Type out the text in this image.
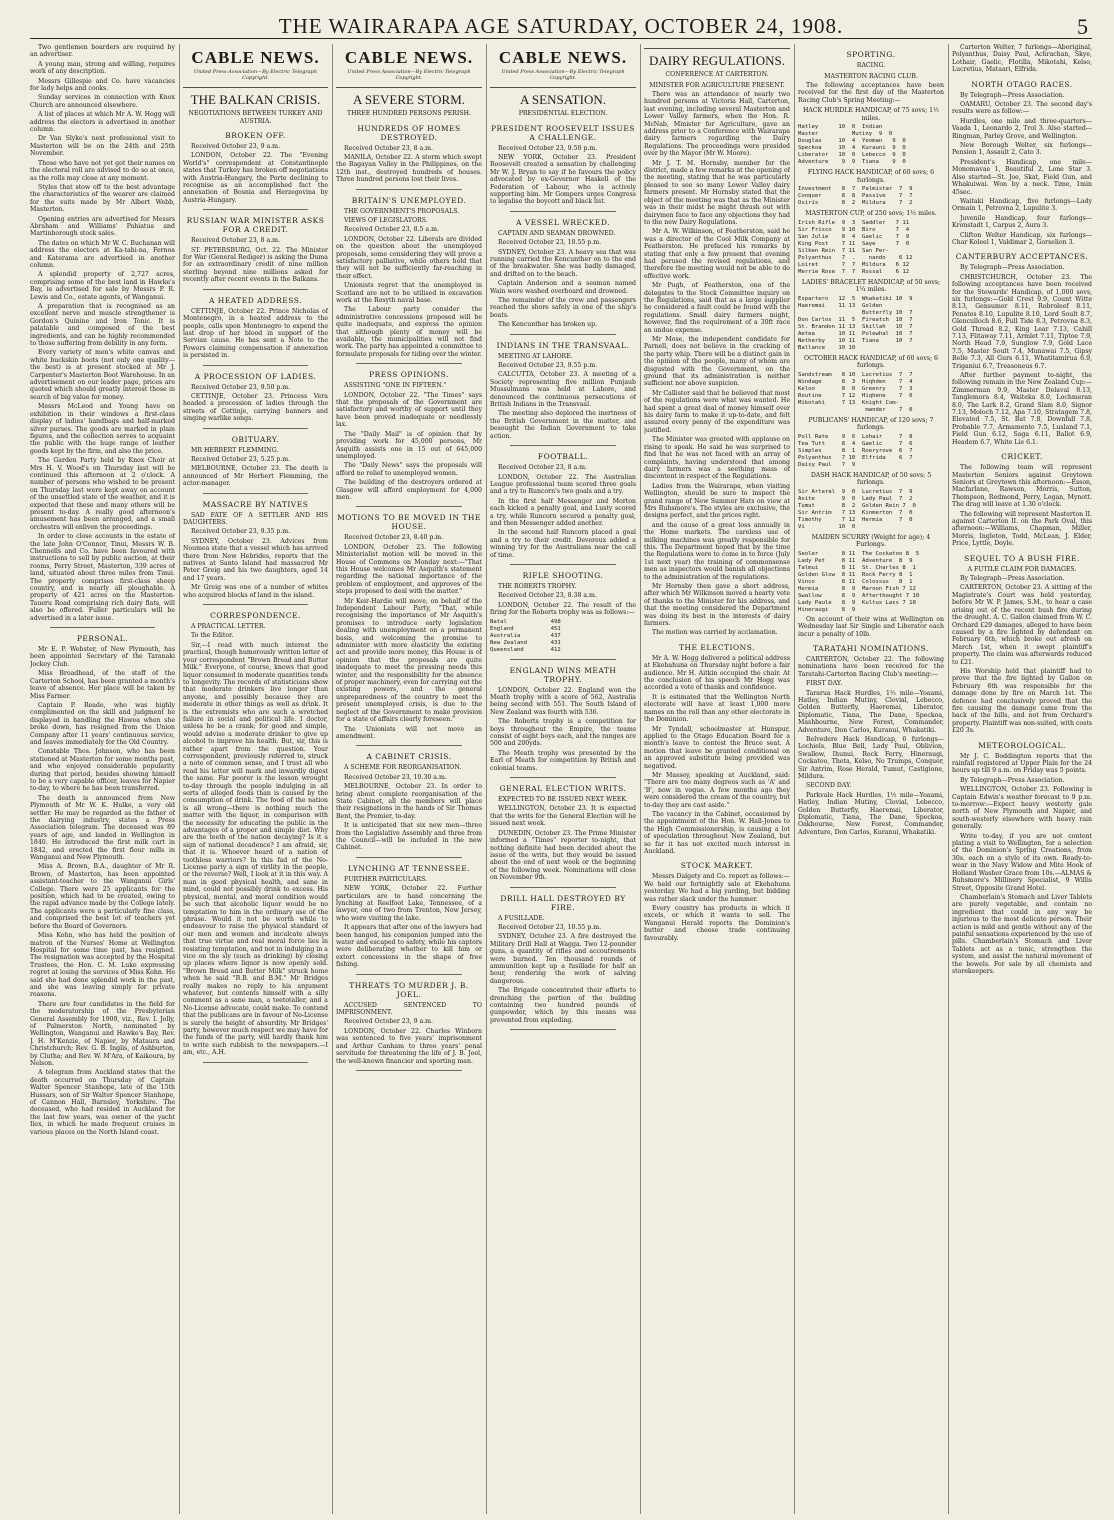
THE WAIRARAPA AGE SATURDAY, OCTOBER 24, 1908.	5

Two gentlemen boarders are required by an advertiser.

A young man, strong and willing, requires work of any description.

Messrs Gillespie and Co. have vacancies for lady helps and cooks.

Sunday services in connection with Knox Church are announced elsewhere.

A list of places at which Mr A. W. Hogg will address the electors is advertised in another column.

Dr Van Slyke's next professional visit to Masterton will be on the 24th and 25th November.

Those who have not yet got their names on the electoral roll are advised to do so at once, as the rolls may close at any moment.

Styles that stow off to the best advantage the characteristics of the wearer are claimed for the suits made by Mr Albert Webb, Masterton.

Opening entries are advertised for Messrs Abraham and Williams' Pahiatua and Martinborough stock sales.

The dates on which Mr W. C. Buchanan will address the electors at Ka-tahi-na, Fernoa and Katerama are advertised in another column.

A splendid property of 2,727 acres, comprising some of the best land in Hawke's Bay, is advertised for sale by Messrs P. R. Lewis and Co., estate agents, of Wanganui.

A preparation that is recognised as an excellent nerve and muscle strengthener is Gordon's Quinine and Iron Tonic. It is palatable and composed of the best ingredients, and can be highly recommended to those suffering from debility in any form.

Every variety of men's white canvas and white buckskin boots (not only one quality—the best) is at present stocked at Mr J. Carpenter's Masterton Boot Warehouse. In an advertisement on our leader page, prices are quoted which should greatly interest those in search of big value for money.

Messrs McLeod and Young have on exhibition in their windows a first-class display of ladies' handbags and half-marked silver purses. The goods are marked in plain figures, and the collection serves to acquaint the public with the huge range of leather goods kept by the firm, and also the price.

The Garden Party held by Knox Choir at Mrs H. V. Wood's on Thursday last will be continued this afternoon at 2 o'clock. A number of persons who wished to be present on Thursday last were kept away on account of the unsettled state of the weather, and it is expected that these and many others will be present to-day. A really good afternoon's amusement has been arranged, and a small orchestra will enliven the proceedings.

In order to close accounts in the estate of the late John O'Connor, Tinui, Messrs W. B. Chennells and Co. have been favoured with instructions to sell by public auction, at their rooms, Perry Street, Masterton, 339 acres of land, situated about three miles from Tinui. The property comprises first-class sheep country, and is nearly all ploughable. A property of 421 acres on the Masterton-Taueru Road comprising rich dairy flats, will also be offered. Fuller particulars will be advertised in a later issue.

PERSONAL.

Mr E. P. Webster, of New Plymouth, has been appointed Secretary of the Taranaki Jockey Club.

Miss Broadhead, of the staff of the Carterton School, has been granted a month's leave of absence. Her place will be taken by Miss Farmer.

Captain P. Reade, who was highly complimented on the skill and judgment he displayed in handling the Hawea when she broke down, has resigned from the Union Company after 11 years' continuous service, and leaves immediately for the Old Country.

Constable Thos. Johnson, who has been stationed at Masterton for some months past, and who enjoyed considerable popularity during that period, besides showing himself to be a very capable officer, leaves for Napier to-day, to where he has been transferred.

The death is announced from New Plymouth of Mr W. K. Hulke, a very old settler. He may be regarded as the father of the dairying industry, states a Press Association telegram. The deceased was 89 years of age, and landed in Wellington in 1840. He introduced the first milk cart in 1842, and erected the first flour mills in Wanganui and New Plymouth.

Miss A. Brown, B.A., daughter of Mr R. Brown, of Masterton, has been appointed assistant-teacher to the Wanganui Girls' College. There were 25 applicants for the position, which had to be created, owing to the rapid advance made by the College lately. The applicants were a particularly fine class, and comprised the best lot of teachers yet before the Board of Governors.

Miss Kohn, who has held the position of matron of the Nurses' Home at Wellington Hospital for some time past, has resigned. The resignation was accepted by the Hospital Trustees, the Hon. C. M. Luke expressing regret at losing the services of Miss Kohn. He said she had done splendid work in the past, and she was leaving simply for private reasons.

There are four candidates in the field for the moderatorship of the Presbyterian General Assembly for 1909, viz., Rev. I. Jolly, of Palmerston North, nominated by Wellington, Wanganui and Hawke's Bay, Rev. J. H. M'Kenzie, of Napier, by Mataura and Christchurch; Rev. G. B. Inglis, of Ashburton, by Clutha; and Rev. W. M'Ara, of Kaikoura, by Nelson.

A telegram from Auckland states that the death occurred on Thursday of Captain Walter Spencer Stanhope, late of the 15th Hussars, son of Sir Walter Spencer Stanhope, of Cannon Hall, Barnsley, Yorkshire. The deceased, who had resided in Auckland for the last few years, was owner of the yacht Ilex, in which he made frequent cruises in various places on the North Island coast.

CABLE NEWS.
United Press Association—By Electric Telegraph Copyright.
THE BALKAN CRISIS.
NEGOTIATIONS BETWEEN TURKEY AND AUSTRIA.
BROKEN OFF.

Received October 23, 9 a.m.

LONDON, October 22. The "Evening World's" correspondent at Constantinople states that Turkey has broken off negotiations with Austria-Hungary, the Porte declining to recognise as an accomplished fact the annexation of Bosnia and Herzegovina by Austria-Hungary.

RUSSIAN WAR MINISTER ASKS FOR A CREDIT.

Received October 23, 8 a.m.

ST. PETERSBURG, Oct. 22. The Minister for War (General Rediger) is asking the Duma for an extraordinary credit of nine million sterling beyond nine millions asked for recently after recent events in the Balkans.

A HEATED ADDRESS.

CETTINJE, October 22. Prince Nicholas of Montenegro, in a heated address to the people, calls upon Montenegro to expend the last drop of her blood in support of the Servian cause. He has sent a Note to the Powers claiming compensation if annexation is persisted in.

A PROCESSION OF LADIES.

Received October 23, 9.50 p.m.

CETTINJE, October 23. Princess Vera headed a procession of ladies through the streets of Cettinje, carrying banners and singing warlike songs.

OBITUARY.

MR HERBERT FLEMMING.

Received October 23, 5.25 p.m.

MELBOURNE, October 23. The death is announced of Mr Herbert Flemming, the actor-manager.

MASSACRE BY NATIVES

SAD FATE OF A SETTLER AND HIS DAUGHTERS.

Received October 23, 9.35 p.m.

SYDNEY, October 23. Advices from Noumea state that a vessel which has arrived there from New Hebrides, reports that the natives at Santo Island had massacred Mr Peter Greig and his two daughters, aged 14 and 17 years.

Mr Greig was one of a number of whites who acquired blocks of land in the island.

CORRESPONDENCE.

A PRACTICAL LETTER.

To the Editor.

Sir,—I read with much interest the practical, though humorously written letter of your correspondent "Brown Bread and Butter Milk." Everyone, of course, knows that good liquor consumed in moderate quantities tends to longevity. The records of statisticians show that moderate drinkers live longer than anyone, and possibly because they are moderate in other things as well as drink. It is the extremists who are such a wretched failure in social and political life. I doctor, unless he be a crank; for good and simple, would advise a moderate drinker to give up alcohol to improve his health. But, sir, this is rather apart from the question. Your correspondent, previously referred to, struck a note of common sense, and I trust all who read his letter will mark and inwardly digest the same. Far poorer is the lesson wrought to-day through the people indulging in all sorts of alleged foods than is caused by the consumption of drink. The food of the nation is all wrong—there is nothing much the matter with the liquor, in comparison with the necessity for educating the public in the advantages of a proper and simple diet. Why are the teeth of the nation decaying? Is it a sign of national decadence? I am afraid, sir, that it is. Whoever heard of a nation of toothless warriors? In this fad of the No-License party a sign of virility in the people, or the reverse? Well, I look at it in this way. A man in good physical health, and sane in mind, could not possibly drink to excess. His physical, mental, and moral condition would be such that alcoholic liquor would be no temptation to him in the ordinary use of the phrase. Would it not be worth while to endeavour to raise the physical standard of our men and women and inculcate always that true virtue and real moral force lies in resisting temptation, and not in indulging in a vice on the sly (such as drinking) by closing up places where liquor is now openly sold. "Brown Bread and Butter Milk" struck home when he said "B.B. and B.M." Mr Bridges really makes no reply to his argument whatever, but contents himself with a silly comment as a sane man, a teetotaller, and a No-License advocate, could make. To contend that the publicans are in favour of No-License is surely the height of absurdity. Mr Bridges' party, however much respect we may have for the funds of the party, will hardly thank him to write such rubbish to the newspapers.—I am, etc., A.H.

CABLE NEWS.
United Press Association—By Electric Telegraph Copyright.
A SEVERE STORM.
THREE HUNDRED PERSONS PERISH.
HUNDREDS OF HOMES DESTROYED.

Received October 23, 8 a.m.

MANILA, October 22. A storm which swept the Bagayan Valley in the Philippines, on the 12th inst., destroyed hundreds of houses. Three hundred persons lost their lives.

BRITAIN'S UNEMPLOYED.

THE GOVERNMENT'S PROPOSALS.

VIEWS OF LEGISLATORS.

Received October 23, 8.5 a.m.

LONDON, October 22. Liberals are divided on the question about the unemployed proposals, some considering they will prove a satisfactory palliative, while others hold that they will not be sufficiently far-reaching in their effect.

Unionists regret that the unemployed in Scotland are not to be utilised in excavation work at the Rosyth naval base.

The Labour party consider the administrative concessions proposed will be quite inadequate, and express the opinion that although plenty of money will be available, the municipalities will not find work. The party has appointed a committee to formulate proposals for tiding over the winter.

PRESS OPINIONS.

ASSISTING "ONE IN FIFTEEN."

LONDON, October 22. "The Times" says that the proposals of the Government are satisfactory and worthy of support until they have been proved inadequate or needlessly lax.

The "Daily Mail" is of opinion that by providing work for 45,000 persons, Mr Asquith assists one in 15 out of 645,000 unemployed.

The "Daily News" says the proposals will afford no relief to unemployed women.

The building of the destroyers ordered at Glasgow will afford employment for 4,000 men.

MOTIONS TO BE MOVED IN THE HOUSE.

Received October 23, 8.40 p.m.

LONDON, October 23. The following Ministerialist motion will be moved in the House of Commons on Monday next:—"That this House welcomes Mr Asquith's statement regarding the national importance of the problem of employment, and approves of the steps proposed to deal with the matter."

Mr Keir-Hardie will move, on behalf of the Independent Labour Party, "That, while recognising the importance of Mr Asquith's promises to introduce early legislation dealing with unemployment on a permanent basis, and welcoming the promise to administer with more elasticity the existing act and provide more money, this House is of opinion that the proposals are quite inadequate to meet the pressing needs this winter, and the responsibility for the absence of proper machinery, even for carrying out the existing powers, and the general unpreparedness of the country to meet the present unemployed crisis, is due to the neglect of the Government to make provision for a state of affairs clearly foreseen."

The Unionists will not move an amendment.

A CABINET CRISIS.

A SCHEME FOR REORGANISATION.

Received October 23, 10.30 a.m.

MELBOURNE, October 23. In order to bring about complete reorganisation of the State Cabinet, all the members will place their resignations in the hands of Sir Thomas Bent, the Premier, to-day.

It is anticipated that six new men—three from the Legislative Assembly and three from the Council—will be included in the new Cabinet.

LYNCHING AT TENNESSEE.

FURTHER PARTICULARS.

NEW YORK, October 22. Further particulars are to hand concerning the lynching at Reelfoot Lake, Tennessee, of a lawyer, one of two from Trenton, New Jersey, who were visiting the lake.

It appears that after one of the lawyers had been hanged, his companion jumped into the water and escaped to safety, while his captors were deliberating whether to kill him or extort concessions in the shape of free fishing.

THREATS TO MURDER J. B. JOEL.

ACCUSED SENTENCED TO IMPRISONMENT.

Received October 23, 9 a.m.

LONDON, October 22. Charles Winborn was sentenced to five years' imprisonment and Arthur Canham to three years' penal servitude for threatening the life of J. B. Joel, the well-known financier and sporting man.

CABLE NEWS.
United Press Association—By Electric Telegraph Copyright.
A SENSATION.
PRESIDENTIAL ELECTION.
PRESIDENT ROOSEVELT ISSUES A CHALLENGE.

Received October 23, 9.50 p.m.

NEW YORK, October 23. President Roosevelt created a sensation by challenging Mr W. J. Bryan to say if he favours the policy advocated by ex-Governor Haskell of the Federation of Labour, who is actively supporting him. Mr Gompers urges Congress to legalise the boycott and black list.

A VESSEL WRECKED.

CAPTAIN AND SEAMAN DROWNED.

Received October 23, 10.55 p.m.

SYDNEY, October 23. A heavy sea that was running carried the Kencunther on to the end of the breakwater. She was badly damaged, and drifted on to the beach.

Captain Anderson and a seaman named Wain were washed overboard and drowned.

The remainder of the crew and passengers reached the shore safely in one of the ship's boats.

The Kencunther has broken up.

INDIANS IN THE TRANSVAAL.

MEETING AT LAHORE.

Received October 23, 9.55 p.m.

CALCUTTA, October 23. A meeting of a Society representing five million Punjaub Mussulmans was held at Lahore, and denounced the continuous persecutions of British Indians in the Transvaal.

The meeting also deplored the inertness of the British Government in the matter, and besought the Indian Government to take action.

FOOTBALL.

Received October 23, 8 a.m.

LONDON, October 22. The Australian League professional team scored three goals and a try to Runcorn's two goals and a try.

In the first half Messenger and Morton each kicked a penalty goal, and Lusty scored a try, while Runcorn secured a penalty goal, and then Messenger added another.

In the second half Runcorn placed a goal and a try to their credit. Devereux added a winning try for the Australians near the call of time.

RIFLE SHOOTING.

THE ROBERTS TROPHY.

Received October 23, 8.38 a.m.

LONDON, October 22. The result of the firing for the Roberts trophy was as follows:—

Natal             498
England           451
Australia         437
New Zealand       431
Queensland        412
ENGLAND WINS MEATH TROPHY.

LONDON, October 22. England won the Meath trophy with a score of 562, Australia being second with 551. The South Island of New Zealand was fourth with 536.

The Roberts trophy is a competition for boys throughout the Empire, the teams consist of eight boys each, and the ranges are 500 and 200yds.

The Meath trophy was presented by the Earl of Meath for competition by British and colonial teams.

GENERAL ELECTION WRITS.

EXPECTED TO BE ISSUED NEXT WEEK.

WELLINGTON, October 23. It is expected that the writs for the General Election will be issued next week.

DUNEDIN, October 23. The Prime Minister informed a "Times" reporter to-night, that nothing definite had been decided about the issue of the writs, but they would be issued about the end of next week or the beginning of the following week. Nominations will close on November 9th.

DRILL HALL DESTROYED BY FIRE.

A FUSILLADE.

Received October 23, 10.55 p.m.

SYDNEY, October 23. A fire destroyed the Military Drill Hall at Wagga. Two 12-pounder guns, a quantity of rifles and accoutrements were burned. Ten thousand rounds of ammunition kept up a fusillade for half an hour, rendering the work of salving dangerous.

The Brigade concentrated their efforts to drenching the portion of the building containing two hundred pounds of gunpowder, which by this means was prevented from exploding.

DAIRY REGULATIONS.
CONFERENCE AT CARTERTON.
MINISTER FOR AGRICULTURE PRESENT.

There was an attendance of nearly two hundred persons at Victoria Hall, Carterton, last evening, including several Masterton and Lower Valley farmers, when the Hon. R. McNab, Minister for Agriculture, gave an address prior to a Conference with Wairarapa dairy farmers regarding the Dairy Regulations. The proceedings were presided over by the Mayor (Mr W. Moore).

Mr J. T. M. Hornsby, member for the district, made a few remarks at the opening of the meeting, stating that he was particularly pleased to see so many Lower Valley dairy farmers present. Mr Hornsby stated that the object of the meeting was that as the Minister was in their midst he might thrash out with dairymen face to face any objections they had to the new Dairy Regulations.

Mr A. W. Wilkinson, of Featherston, said he was a director of the Cool Milk Company at Featherston. He prefaced his remarks by stating that only a few present that evening had perused the revised regulations, and therefore the meeting would not be able to do effective work.

Mr Pugh, of Featherston, one of the delegates to the Stock Committee inquiry on the Regulations, said that as a large supplier he considered a fault could be found with the regulations. Small dairy farmers might, however, find the requirement of a 30ft race an undue expense.

Mr Mose, the independent candidate for Parnell, does not believe in the cracking of the party whip. There will be a distinct gain in the opinion of the people, many of whom are disgusted with the Government, on the ground that its administration is neither sufficient nor above suspicion.

Mr Callister said that he believed that most of the regulations were what was wanted. He had spent a great deal of money himself over his dairy farm to make it up-to-date, and felt assured every penny of the expenditure was justified.

The Minister was greeted with applause on rising to speak. He said he was surprised to find that he was not faced with an array of complaints, having understood that among dairy farmers was a seething mass of discontent in respect of the Regulations.

Ladies from the Wairarapa, when visiting Wellington, should be sure to inspect the grand range of New Summer Hats on view at Mrs Ruhsmore's. The styles are exclusive, the designs perfect, and the prices right.

and the cause of a great loss annually in the Home markets. The careless use of milking machines was greatly responsible for this. The Department hoped that by the time the Regulations were to come in to force (July 1st next year) the training of commonsense men as inspectors would banish all objections to the administration of the regulations.

Mr Hornsby then gave a short address, after which Mr Wilkinson moved a hearty vote of thanks to the Minister for his address, and that the meeting considered the Department was doing its best in the interests of dairy farmers.

The motion was carried by acclamation.

THE ELECTIONS.

Mr A. W. Hogg delivered a political address at Ekehahuna on Thursday night before a fair audience. Mr H. Aitkin occupied the chair. At the conclusion of his speech Mr Hogg was accorded a vote of thanks and confidence.

It is estimated that the Wellington North electorate will have at least 1,000 more names on the roll than any other electorate in the Dominion.

Mr Tyndall, schoolmaster at Hunspur, applied to the Otago Education Board for a month's leave to contest the Bruce seat. A motion that leave be granted conditional on an approved substitute being provided was negatived.

Mr Massey, speaking at Auckland, said: "There are too many degrees such as 'A' and 'B', now in vogue. A few months ago they were considered the cream of the country, but to-day they are cast aside."

The vacancy in the Cabinet, occasioned by the appointment of the Hon. W. Hall-Jones to the High Commissionership, is causing a lot of speculation throughout New Zealand, but so far it has not excited much interest in Auckland.

STOCK MARKET.

Messrs Dalgety and Co. report as follows:—We held our fortnightly sale at Ekehahuna yesterday. We had a big yarding, but bidding was rather slack under the hammer.

Every country has products in which it excels, or which it wants to sell. The Wanganui Herald reports the Dominion's butter and cheese trade continuing favourably.

SPORTING.
RACING.
MASTERTON RACING CLUB.

The following acceptances have been received for the first day of the Masterton Racing Club's Spring Meeting:—

HACK HURDLE HANDICAP, of 75 sovs; 1½ miles.
Hatley      10  0  Indian
Master          Mutiny  9  0
Douglas     10  4  Yeoman   9  0
Speckoa     10  4  Kurauni  9  0
Liberator   10  0  Lebecco  9  0
Adventure    9  9  Tiana    9  0
FLYING HACK HANDICAP, of 60 sovs; 6 furlongs.
Investment   8  7  Palmistar  7  9
Conquer      8  8  Passive    7  7
Osiris       8  2  Mildura    7  2
MASTERTON CUP, of 250 sovs; 1½ miles.
Irish Rifle  9  3  Saddler   7 11
Sir Frisco   9 10  Biro      7  4
San Julie    8  4  Gaelic    7  9
King Post    7 11  Saye      7  0
Silken Rein  7 11  San Per-
Polyanthus   7  .    nando    6 12
Loiret       7  7  Mildura   6 12
Merrie Rose  7  7  Rossal    6 12
LADIES' BRACELET HANDICAP, of 50 sovs; 1¼ miles.
Espartero   12  5  Whakatiki 10  9
Haeremai    11 13  Golden
Butterfly 10  7
Don Carlos  11  5  Fireatch  10  7
St. Brandon 11 13  Skillah   10  7
Aetea       10 11  Polewhal  10  7
Netherby    10 11  Tiana     10  7
Ballance    10 10
OCTOBER HACK HANDICAP, of 60 sovs; 6 furlongs.
Sandstream   8 10  Lucretius  7  7
Windage      8  3  Hiqhden    7  4
Keloo        8  0  Greenry    7  3
Routine      7 12  Hiqhene    7  0
Mikotahi     7 13  Knight Com-
mander    7  0
PUBLICANS' HANDICAP, of 120 sovs; 7 furlongs.
Poll Rate    9  6  Lohair     7  8
Tea Tutt     8  4  Gaelic     7  6
Simplex      8  1  Roeryrove  6  7
Polyanthus   7 10  Elfrida    6  7
Daisy Paul   7  9
DASH HACK HANDICAP, of 50 sovs; 5 furlongs.
Sir Arteral  9  0  Lucretius  7  9
Axite        9  0  Lady Paul  7  2
Tumut        8  2  Golden Rein 7  0
Sir Antrim   7 13  Kinmerton  7  0
Timothy      7 12  Hermia     7  0
Vi          10  0
MAIDEN SCURRY (Weight for age); 4 Furlongs.
Seoler       8 11  The Cockatoo 8  5
Lady Pet     8 11  Adventure  8  9
Talmui       8 11  St. Charles 8  1
Golden Glow  8 11  Rock Ferry 8  1
Vinco        8 11  Colossus   8  1
Hermia       8  9  Maroon Fish 7 12
Swallow      8  9  Afterthought 7 10
Lady Paule   8  9  Kultus Lass 7 10
Hineraugi    8  9

On account of their wins at Wellington on Wednesday last Sir Single and Liberator each incur a penalty of 10lb.

TARATAHI NOMINATIONS.

CARTERTON, October 22. The following nominations have been received for the Taratahi-Carterton Racing Club's meeting:—

FIRST DAY.

Tararua Hack Hurdles, 1½ mile—Yoaami, Hatley, Indian Mutiny, Clovial, Lebecco, Golden Butterfly, Haeremai, Liberator, Diplomatic, Tiana, The Dane, Speckoa, Mashbourne, New Forest, Commander, Adventure, Don Carlos, Kuranui, Whakatiki.

Belvedere Hack Handicap, 6 furlongs—Lochiels, Blue Bell, Lady Paul, Oblivion, Swallow, Ihunui, Rock Ferry, Hineraugi, Cockatoo, Theta, Kelso, No Trumps, Conquer, Sir Antrim, Rose Herald, Tumut, Castigione, Mildura.

SECOND DAY.

Parkvale Hack Hurdles, 1½ mile—Yoaami, Hatley, Indian Mutiny, Clovial, Lebecco, Golden Butterfly, Haeremai, Liberator, Diplomatic, Tiana, The Dane, Speckoa, Oakbourne, New Forest, Commander, Adventure, Don Carlos, Kuranui, Whakatiki.

Carterton Welter, 7 furlongs—Aboriginal, Polyanthus, Daisy Paul, Achrachan, Skye, Lothair, Gaelic, Flotilla, Mikotahi, Kelso, Lucretius, Mataari, Elfrida.

NORTH OTAGO RACES.

By Telegraph—Press Association.

OAMARU, October 23. The second day's results were as follow:—

Hurdles, one mile and three-quarters—Vaada 1, Leonardo 2, Trol 3. Also started—Ringman, Parley Grove, and Wellington.

New Borough Welter, six furlongs—Pension 1, Assault 2, Cato 3.

President's Handicap, one mile—Monomavae 1, Beautiful 2, Lone Star 3. Also started—St. Joe, Skat, Field Gun, and Whakuiwai. Won by a neck. Time, 1min 45sec.

Waitaki Handicap, five furlongs—Lady Ormain 1, Petrovna 2, Lupulite 3.

Juvenile Handicap, four furlongs—Kronstadt 1, Carpus 2, Aura 3.

Clifton Welter Handicap, six furlongs—Char Koleel 1, Valdimar 2, Gorselion 3.

CANTERBURY ACCEPTANCES.

By Telegraph—Press Association.

CHRISTCHURCH, October 23. The following acceptances have been received for the Stewards' Handicap, of 1,000 sovs, six furlongs:—Gold Crest 9.9, Count Witte 8.13, Gensumer 8.11, Robroleef 8.11, Penates 8.10, Lupulite 8.10, Lord Soult 8.7, Glenculloch 8.6, Full Tide 8.3, Petrovna 8.3, Gold Thread 8.2, King Lear 7.13, Cahill 7.13, Flitaway 7.11, Armlet 7.11, Tiptoe 7.9, North Head 7.9, Sunglow 7.9, Gold Lace 7.5, Master Soult 7.4, Munawai 7.5, Gipsy Belle 7.3, All Gurs 6.11, Whatitamirua 6.9, Triganiui 6.7, Treasoneus 6.7.

After further payment to-night, the following remain in the New Zealand Cup:—Zimmerman 9.9, Master Delaval 8.13, Tanglemora 8.4, Waiteka 8.0, Lochmeran 8.0, The Lark 8.2, Grand Slam 8.0, Signor 7.13, Moloch 7.12, Apa 7.10, Stratagem 7.8, Elevated 7.5, St. Bat 7.8, Downfall 7.8, Probable 7.7, Armamento 7.5, Lusland 7.1, Field Gun 6.12, Saga 6.11, Ballot 6.9, Headem 6.7, White Lie 6.1.

CRICKET.

The following team will represent Masterton Seniors against Greytown Seniors at Greytown this afternoon:—Esson, Macfarlane, Rawson, Morris, Sutton, Thompson, Redmond, Perry, Logan, Mynott. The drag will leave at 1.30 o'clock.

The following will represent Masterton II. against Carterton II. on the Park Oval, this afternoon:—Williams, Chapman, Miller, Morris, Ingleton, Todd, McLean, J. Elder, Price, Lyttle, Doyle.

SEQUEL TO A BUSH FIRE.
A FUTILE CLAIM FOR DAMAGES.

By Telegraph—Press Association.

CARTERTON, October 23. A sitting of the Magistrate's Court was held yesterday, before Mr W. P. James, S.M., to hear a case arising out of the recent bush fire during the drought. A. C. Gallon claimed from W. C. Orchard £29 damages, alleged to have been caused by a fire lighted by defendant on February 6th, which broke out afresh on March 1st, when it swept plaintiff's property. The claim was afterwards reduced to £21.

His Worship held that plaintiff had to prove that the fire lighted by Gallon on February 6th was responsible for the damage done by fire on March 1st. The defence had conclusively proved that the fire causing the damage came from the back of the hills, and not from Orchard's property. Plaintiff was non-suited, with costs £20 3s.

METEOROLOGICAL.

Mr J. C. Boddington reports that the rainfall registered at Upper Plain for the 24 hours up till 9 a.m. on Friday was 5 points.

By Telegraph—Press Association.

WELLINGTON, October 23. Following is Captain Edwin's weather forecast to 9 p.m. to-morrow:—Expect heavy westerly gale north of New Plymouth and Napier, and south-westerly elsewhere with heavy rain generally.

Write to-day, if you are not content plating a visit to Wellington, for a selection of the Dominion's Spring Creations, from 30s. each on a stylo of its own. Ready-to-wear in the Navy Widow and Mite Hook of Holland Washer Grace from 10s.—ALMAS & Ruhsmore's Millinery Specialist, 9 Willis Street, Opposite Grand Hotel.

Chamberlain's Stomach and Liver Tablets are purely vegetable, and contain no ingredient that could in any way be injurious to the most delicate person. Their action is mild and gentle without any of the painful sensations experienced by the use of pills. Chamberlain's Stomach and Liver Tablets act as a tonic, strengthen the system, and assist the natural movement of the bowels. For sale by all chemists and storekeepers.
